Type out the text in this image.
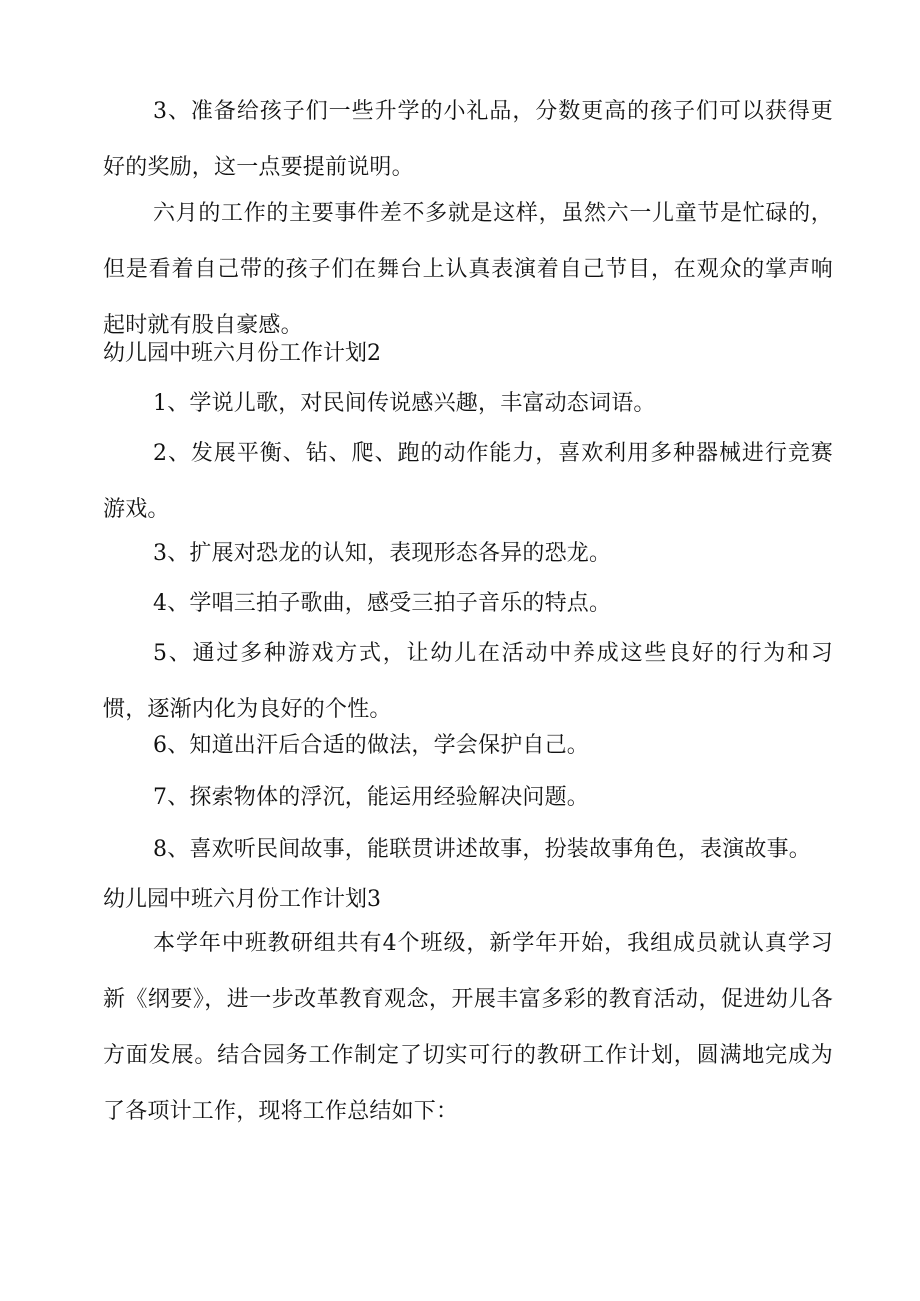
3、准备给孩子们一些升学的小礼品，分数更高的孩子们可以获得更好的奖励，这一点要提前说明。

六月的工作的主要事件差不多就是这样，虽然六一儿童节是忙碌的，但是看着自己带的孩子们在舞台上认真表演着自己节目，在观众的掌声响起时就有股自豪感。

幼儿园中班六月份工作计划2

1、学说儿歌，对民间传说感兴趣，丰富动态词语。

2、发展平衡、钻、爬、跑的动作能力，喜欢利用多种器械进行竞赛游戏。

3、扩展对恐龙的认知，表现形态各异的恐龙。

4、学唱三拍子歌曲，感受三拍子音乐的特点。

5、通过多种游戏方式，让幼儿在活动中养成这些良好的行为和习惯，逐渐内化为良好的个性。

6、知道出汗后合适的做法，学会保护自己。

7、探索物体的浮沉，能运用经验解决问题。

8、喜欢听民间故事，能联贯讲述故事，扮装故事角色，表演故事。

幼儿园中班六月份工作计划3

本学年中班教研组共有4个班级，新学年开始，我组成员就认真学习新《纲要》，进一步改革教育观念，开展丰富多彩的教育活动，促进幼儿各方面发展。结合园务工作制定了切实可行的教研工作计划，圆满地完成为了各项计工作，现将工作总结如下：
